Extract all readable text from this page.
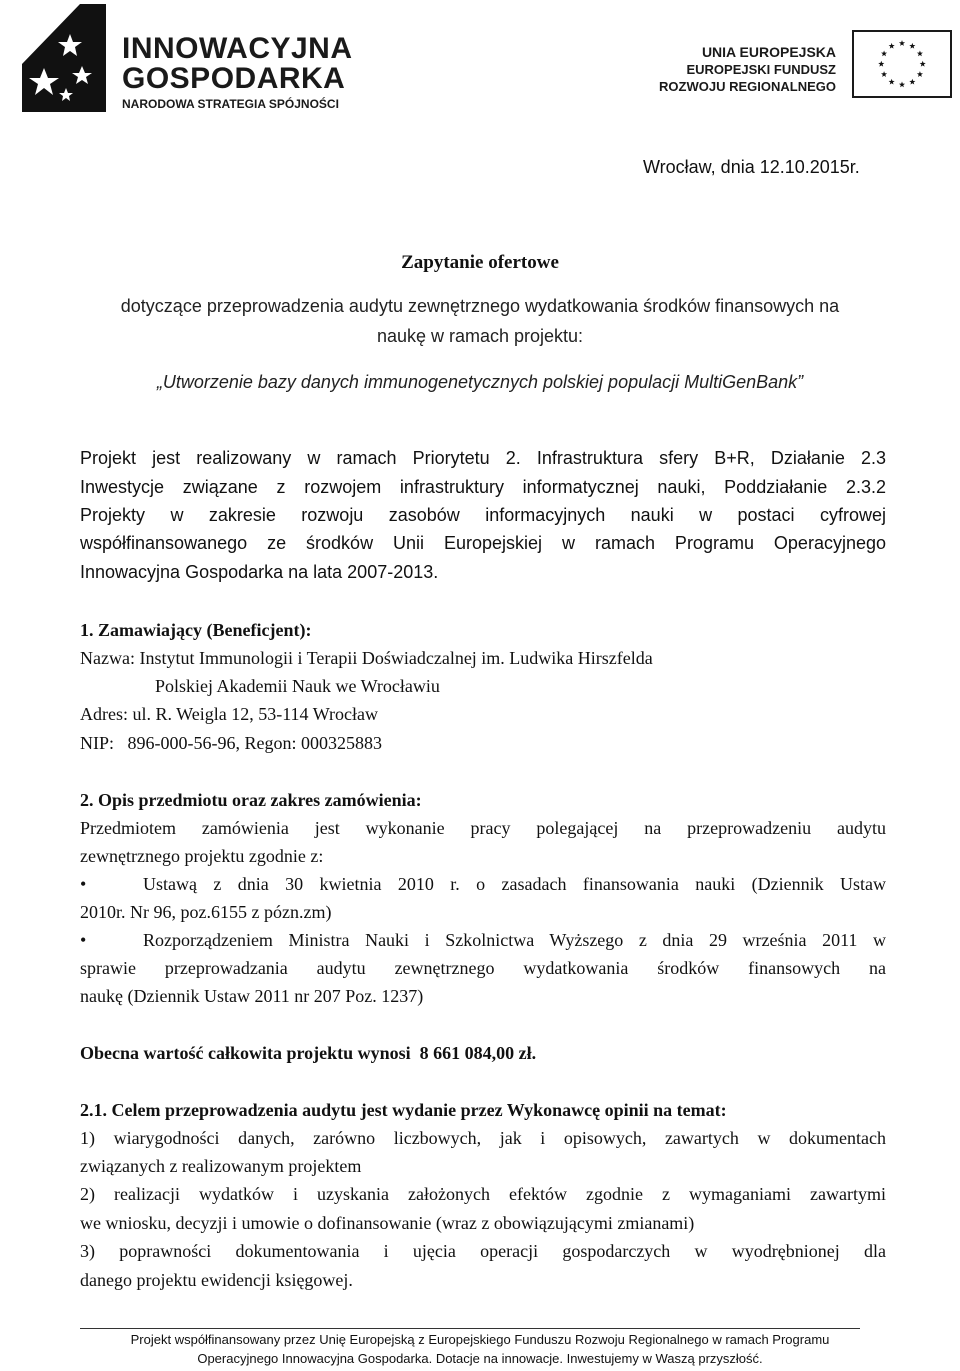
INNOWACYJNA
GOSPODARKA
NARODOWA STRATEGIA SPÓJNOŚCI
UNIA EUROPEJSKA
EUROPEJSKI FUNDUSZ
ROZWOJU REGIONALNEGO
Wrocław, dnia 12.10.2015r.
Zapytanie ofertowe
dotyczące przeprowadzenia audytu zewnętrznego wydatkowania środków finansowych na
naukę w ramach projektu:
„Utworzenie bazy danych immunogenetycznych polskiej populacji MultiGenBank”
Projekt jest realizowany w ramach Priorytetu 2. Infrastruktura sfery B+R, Działanie 2.3
Inwestycje związane z rozwojem infrastruktury informatycznej nauki, Poddziałanie 2.3.2
Projekty w zakresie rozwoju zasobów informacyjnych nauki w postaci cyfrowej
współfinansowanego ze środków Unii Europejskiej w ramach Programu Operacyjnego
Innowacyjna Gospodarka na lata 2007-2013.
1. Zamawiający (Beneficjent):
Nazwa: Instytut Immunologii i Terapii Doświadczalnej im. Ludwika Hirszfelda
Polskiej Akademii Nauk we Wrocławiu
Adres: ul. R. Weigla 12, 53-114 Wrocław
NIP:   896-000-56-96, Regon: 000325883
2. Opis przedmiotu oraz zakres zamówienia:
Przedmiotem zamówienia jest wykonanie pracy polegającej na przeprowadzeniu audytu
zewnętrznego projektu zgodnie z:
•	Ustawą z dnia 30 kwietnia 2010 r. o zasadach finansowania nauki (Dziennik Ustaw
2010r. Nr 96, poz.6155 z pózn.zm)
•	Rozporządzeniem Ministra Nauki i Szkolnictwa Wyższego z dnia 29 września 2011 w
sprawie przeprowadzania audytu zewnętrznego wydatkowania środków finansowych na
naukę (Dziennik Ustaw 2011 nr 207 Poz. 1237)
Obecna wartość całkowita projektu wynosi  8 661 084,00 zł.
2.1. Celem przeprowadzenia audytu jest wydanie przez Wykonawcę opinii na temat:
1) wiarygodności danych, zarówno liczbowych, jak i opisowych, zawartych w dokumentach
związanych z realizowanym projektem
2) realizacji wydatków i uzyskania założonych efektów zgodnie z wymaganiami zawartymi
we wniosku, decyzji i umowie o dofinansowanie (wraz z obowiązującymi zmianami)
3) poprawności dokumentowania i ujęcia operacji gospodarczych w wyodrębnionej dla
danego projektu ewidencji księgowej.
Projekt współfinansowany przez Unię Europejską z Europejskiego Funduszu Rozwoju Regionalnego w ramach Programu
Operacyjnego Innowacyjna Gospodarka. Dotacje na innowacje. Inwestujemy w Waszą przyszłość.
